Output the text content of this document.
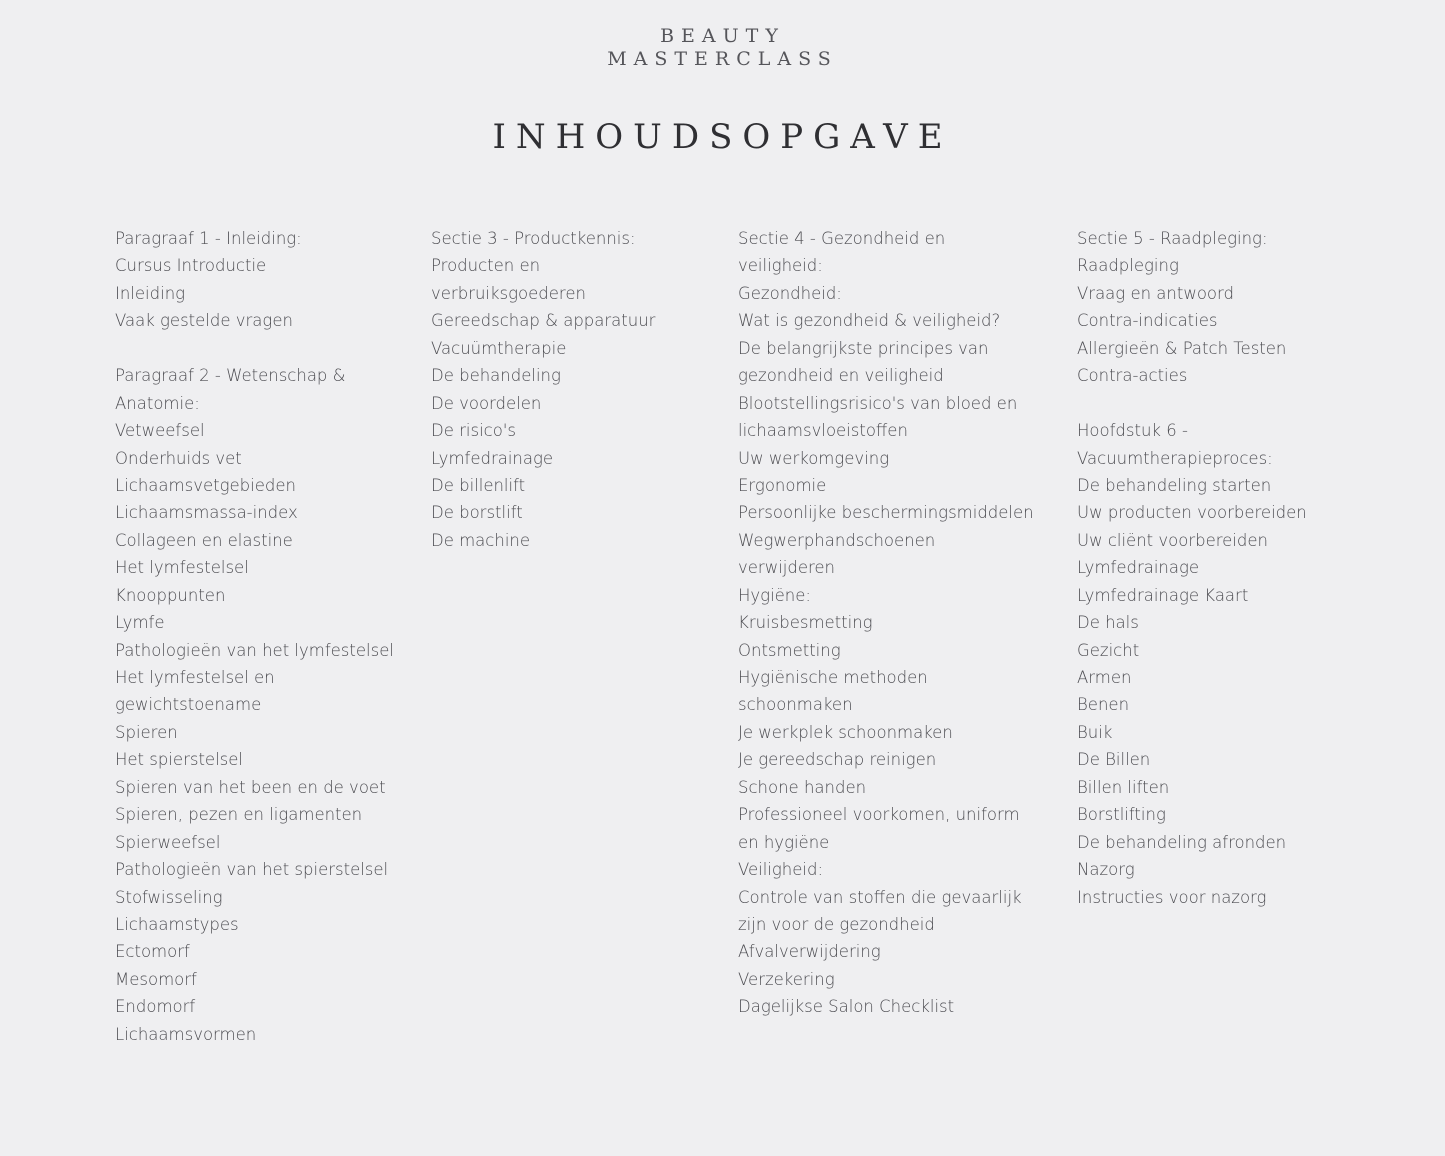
BEAUTY
MASTERCLASS
INHOUDSOPGAVE
Paragraaf 1 - Inleiding:
Cursus Introductie
Inleiding
Vaak gestelde vragen
Paragraaf 2 - Wetenschap &
Anatomie:
Vetweefsel
Onderhuids vet
Lichaamsvetgebieden
Lichaamsmassa-index
Collageen en elastine
Het lymfestelsel
Knooppunten
Lymfe
Pathologieën van het lymfestelsel
Het lymfestelsel en
gewichtstoename
Spieren
Het spierstelsel
Spieren van het been en de voet
Spieren, pezen en ligamenten
Spierweefsel
Pathologieën van het spierstelsel
Stofwisseling
Lichaamstypes
Ectomorf
Mesomorf
Endomorf
Lichaamsvormen
Sectie 3 - Productkennis:
Producten en
verbruiksgoederen
Gereedschap & apparatuur
Vacuümtherapie
De behandeling
De voordelen
De risico's
Lymfedrainage
De billenlift
De borstlift
De machine
Sectie 4 - Gezondheid en
veiligheid:
Gezondheid:
Wat is gezondheid & veiligheid?
De belangrijkste principes van
gezondheid en veiligheid
Blootstellingsrisico's van bloed en
lichaamsvloeistoffen
Uw werkomgeving
Ergonomie
Persoonlijke beschermingsmiddelen
Wegwerphandschoenen
verwijderen
Hygiëne:
Kruisbesmetting
Ontsmetting
Hygiënische methoden
schoonmaken
Je werkplek schoonmaken
Je gereedschap reinigen
Schone handen
Professioneel voorkomen, uniform
en hygiëne
Veiligheid:
Controle van stoffen die gevaarlijk
zijn voor de gezondheid
Afvalverwijdering
Verzekering
Dagelijkse Salon Checklist
Sectie 5 - Raadpleging:
Raadpleging
Vraag en antwoord
Contra-indicaties
Allergieën & Patch Testen
Contra-acties
Hoofdstuk 6 -
Vacuumtherapieproces:
De behandeling starten
Uw producten voorbereiden
Uw cliënt voorbereiden
Lymfedrainage
Lymfedrainage Kaart
De hals
Gezicht
Armen
Benen
Buik
De Billen
Billen liften
Borstlifting
De behandeling afronden
Nazorg
Instructies voor nazorg
